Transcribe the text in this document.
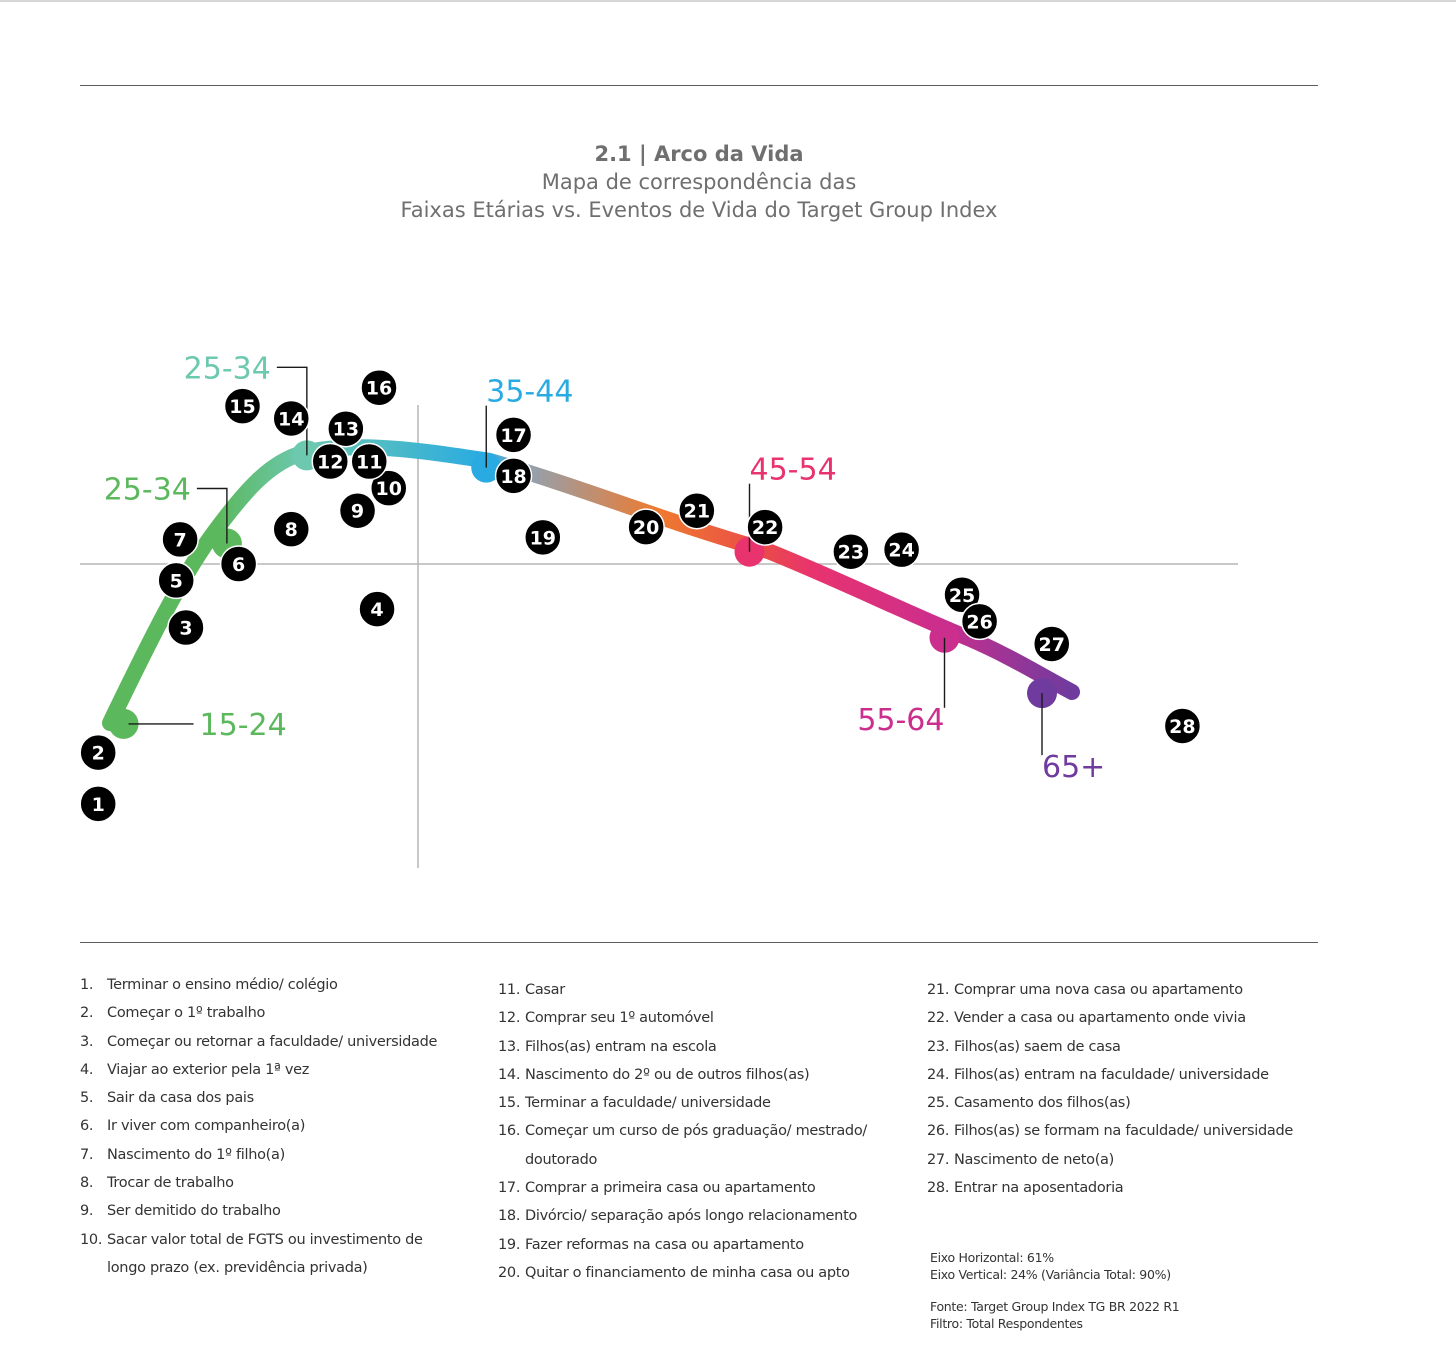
2.1 | Arco da Vida
Mapa de correspondência das
Faixas Etárias vs. Eventos de Vida do Target Group Index
15-24
25-34
25-34
35-44
45-54
55-64
65+
1
2
3
4
5
6
7	8
9
10
11
12
13
14
15
16
17
18
19	20
21
22
23 24
25
26
27
28
1. Terminar o ensino médio/ colégio
2. Começar o 1º trabalho
3. Começar ou retornar a faculdade/ universidade
4. Viajar ao exterior pela 1ª vez
5. Sair da casa dos pais
6. Ir viver com companheiro(a)
7. Nascimento do 1º filho(a)
8. Trocar de trabalho
9. Ser demitido do trabalho
10. Sacar valor total de FGTS ou investimento de
longo prazo (ex. previdência privada)
11. Casar
12. Comprar seu 1º automóvel
13. Filhos(as) entram na escola
14. Nascimento do 2º ou de outros filhos(as)
15. Terminar a faculdade/ universidade
16. Começar um curso de pós graduação/ mestrado/
doutorado
17. Comprar a primeira casa ou apartamento
18. Divórcio/ separação após longo relacionamento
19. Fazer reformas na casa ou apartamento
20. Quitar o financiamento de minha casa ou apto
21. Comprar uma nova casa ou apartamento
22. Vender a casa ou apartamento onde vivia
23. Filhos(as) saem de casa
24. Filhos(as) entram na faculdade/ universidade
25. Casamento dos filhos(as)
26. Filhos(as) se formam na faculdade/ universidade
27. Nascimento de neto(a)
28. Entrar na aposentadoria
Eixo Horizontal: 61%
Eixo Vertical: 24% (Variância Total: 90%)
Fonte: Target Group Index TG BR 2022 R1
Filtro: Total Respondentes
